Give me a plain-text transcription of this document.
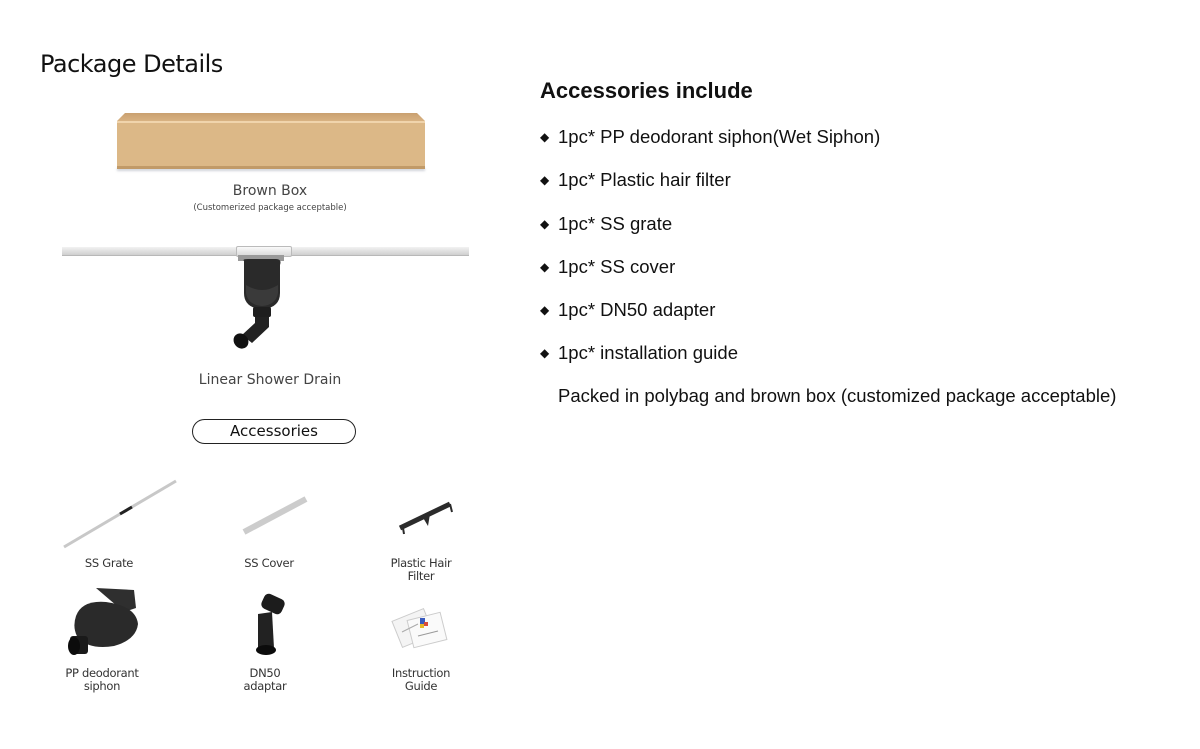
Package Details
Brown Box
(Customerized package acceptable)
Linear Shower Drain
Accessories
SS Grate	SS Cover	Plastic Hair
Filter
PP deodorant
siphon
DN50
adaptar
Instruction
Guide
Accessories include
◆ 1pc* PP deodorant siphon(Wet Siphon)
◆ 1pc* Plastic hair filter
◆ 1pc* SS grate
◆ 1pc* SS cover
◆ 1pc* DN50 adapter
◆ 1pc* installation guide
Packed in polybag and brown box (customized package acceptable)
